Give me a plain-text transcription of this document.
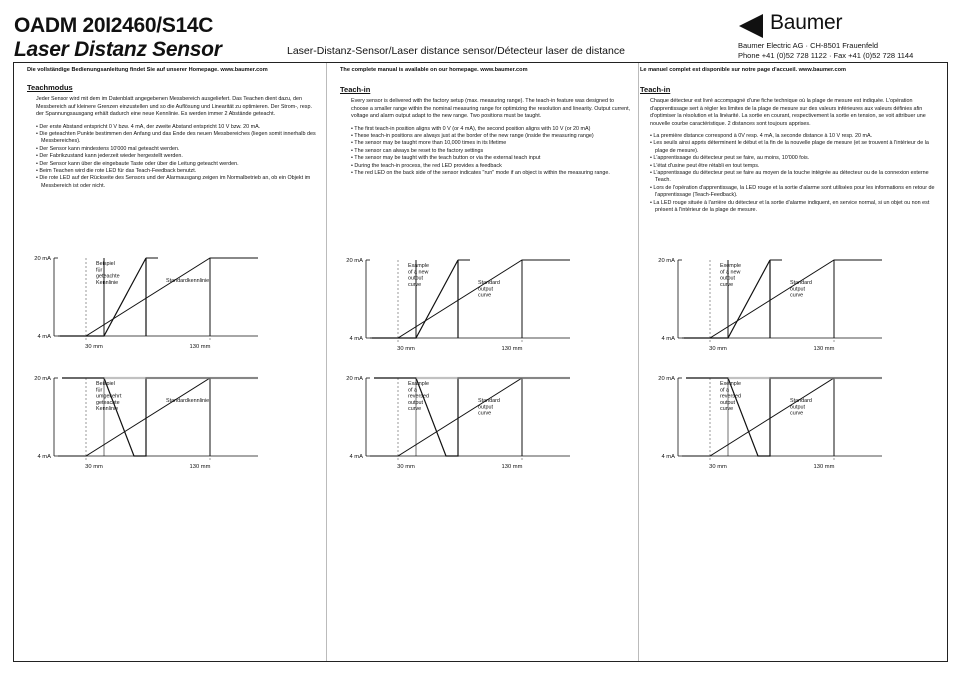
OADM 20I2460/S14C
Laser Distanz Sensor	Laser-Distanz-Sensor/Laser distance sensor/Détecteur laser de distance
Baumer
Baumer Electric AG · CH-8501 Frauenfeld
Phone +41 (0)52 728 1122 · Fax +41 (0)52 728 1144
Die vollständige Bedienungsanleitung findet Sie auf unserer Homepage. www.baumer.com
Teachmodus
Jeder Sensor wird mit dem im Datenblatt angegebenen Messbereich ausgeliefert. Das Teachen dient dazu, den Messbereich auf kleinere Grenzen einzustellen und so die Auflösung und Linearität zu optimieren. Der Strom-, resp. der Spannungsausgang erhält dadurch eine neue Kennlinie. Es werden immer 2 Abstände geteacht.
• Der erste Abstand entspricht 0 V bzw. 4 mA, der zweite Abstand entspricht 10 V bzw. 20 mA.
• Die geteachten Punkte bestimmen den Anfang und das Ende des neuen Messbereiches (liegen somit innerhalb des Messbereiches).
• Der Sensor kann mindestens 10'000 mal geteacht werden.
• Der Fabrikzustand kann jederzeit wieder hergestellt werden.
• Der Sensor kann über die eingebaute Taste oder über die Leitung geteacht werden.
• Beim Teachen wird die rote LED für das Teach-Feedback benutzt.
• Die rote LED auf der Rückseite des Sensors und der Alarmausgang zeigen im Normalbetrieb an, ob ein Objekt im Messbereich ist oder nicht.
20 mA
4 mA
30 mm	130 mm
Beispiel
für
geteachte
Kennlinie	Standardkennlinie
20 mA
4 mA
30 mm	130 mm
Beispiel
für
umgekehrt
geteachte
Kennlinie
Standardkennlinie
The complete manual is available on our homepage. www.baumer.com
Teach-in
Every sensor is delivered with the factory setup (max. measuring range). The teach-in feature was designed to choose a smaller range within the nominal measuring range for optimizing the resolution and linearity. Output current, voltage and alarm output adapt to the new range. Two positions must be taught.
• The first teach-in position aligns with 0 V (or 4 mA), the second position aligns with 10 V (or 20 mA)
• These teach-in positions are always just at the border of the new range (inside the measuring range)
• The sensor may be taught more than 10,000 times in its lifetime
• The sensor can always be reset to the factory settings
• The sensor may be taught with the teach button or via the external teach input
• During the teach-in process, the red LED provides a feedback
• The red LED on the back side of the sensor indicates "run" mode if an object is within the measuring range.
20 mA
4 mA
30 mm	130 mm
Example
of a new
output
curve	Standard
output
curve
20 mA
4 mA
30 mm	130 mm
Example
of a
reversed
output
curve
Standard
output
curve
Le manuel complet est disponible sur notre page d'accueil. www.baumer.com
Teach-in
Chaque détecteur est livré accompagné d'une fiche technique où la plage de mesure est indiquée. L'opération d'apprentissage sert à régler les limites de la plage de mesure sur des valeurs inférieures aux valeurs définies afin d'optimiser la résolution et la linéarité. La sortie en courant, respectivement la sortie en tension, se voit attribuer une nouvelle courbe caractéristique. 2 distances sont toujours apprises.
• La première distance correspond à 0V resp. 4 mA, la seconde distance à 10 V resp. 20 mA.
• Les seuils ainsi appris déterminent le début et la fin de la nouvelle plage de mesure (et se trouvent à l'intérieur de la plage de mesure).
• L'apprentissage du détecteur peut se faire, au moins, 10'000 fois.
• L'état d'usine peut être rétabli en tout temps.
• L'apprentissage du détecteur peut se faire au moyen de la touche intégrée au détecteur ou de la connexion externe Teach.
• Lors de l'opération d'apprentissage, la LED rouge et la sortie d'alarme sont utilisées pour les informations en retour de l'apprentissage (Teach-Feedback).
• La LED rouge située à l'arrière du détecteur et la sortie d'alarme indiquent, en service normal, si un objet ou non est présent à l'intérieur de la plage de mesure.
20 mA
4 mA
30 mm	130 mm
Exemple
of a new
output
curve	Standard
output
curve
20 mA
4 mA
30 mm	130 mm
Exemple
of a
reversed
output
curve
Standard
output
curve
